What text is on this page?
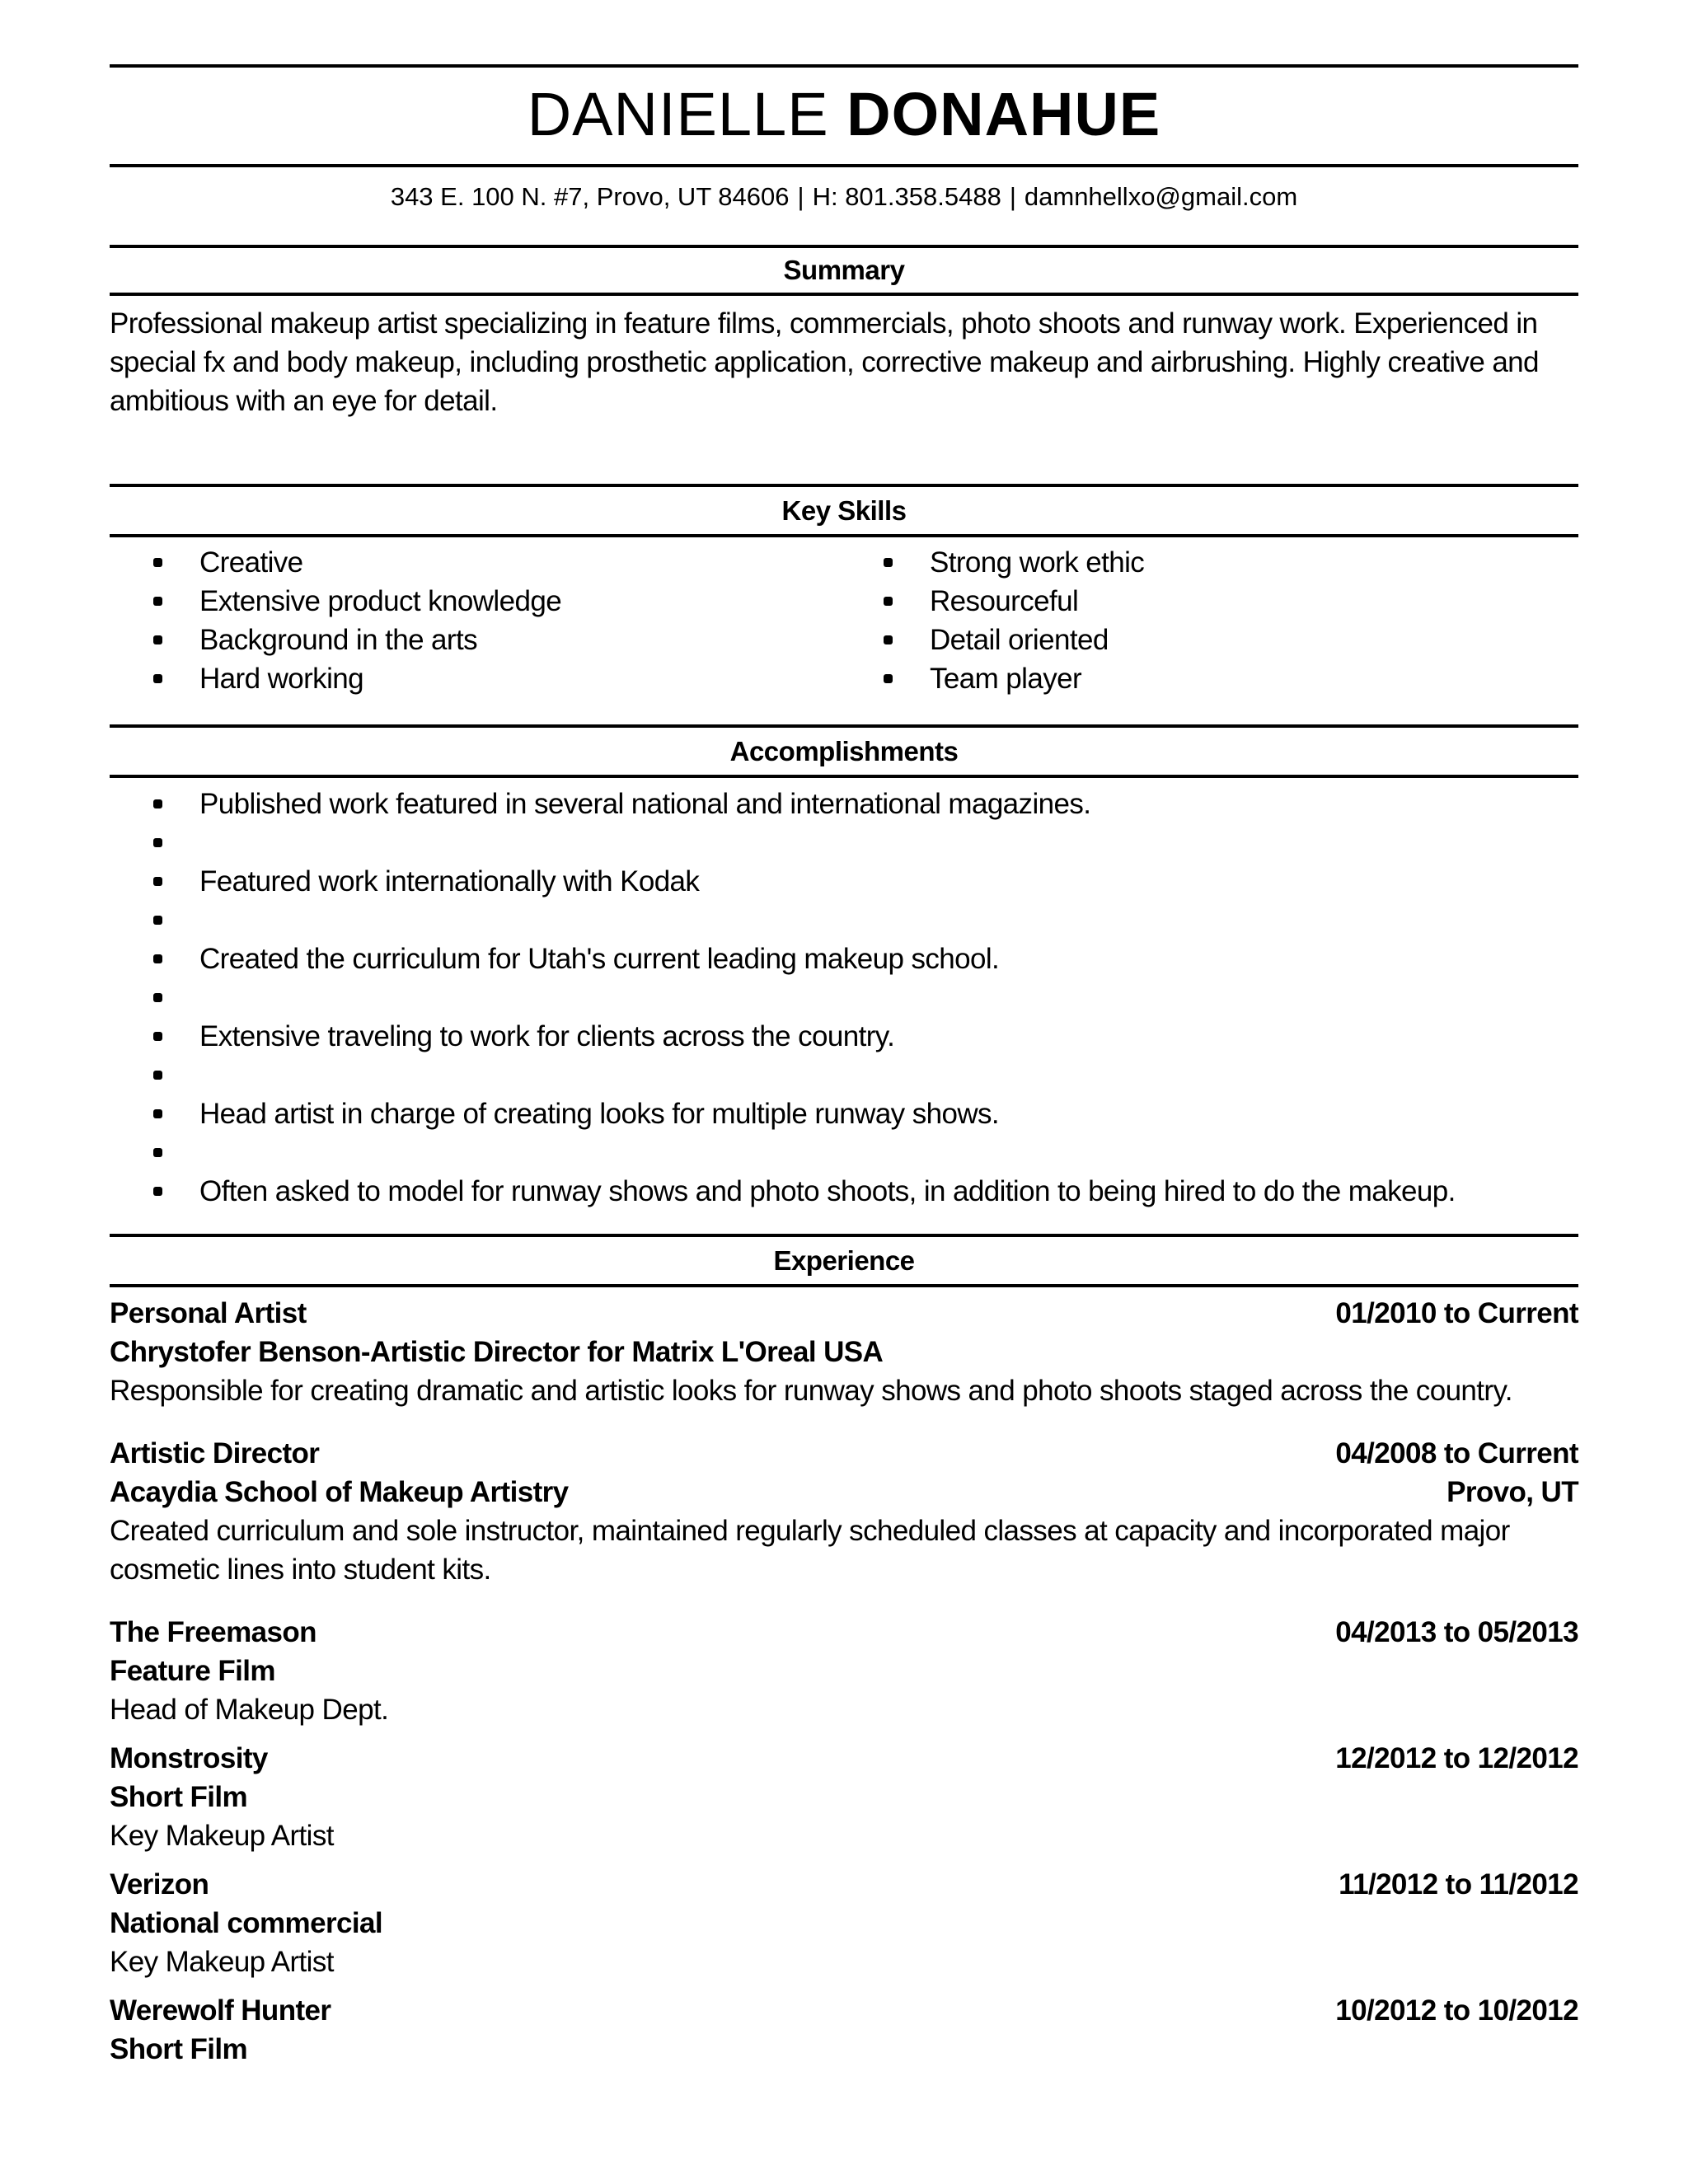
DANIELLE DONAHUE
343 E. 100 N. #7, Provo, UT 84606 | H: 801.358.5488 | damnhellxo@gmail.com
Summary
Professional makeup artist specializing in feature films, commercials, photo shoots and runway work. Experienced in special fx and body makeup, including prosthetic application, corrective makeup and airbrushing. Highly creative and ambitious with an eye for detail.
Key Skills
Creative
Extensive product knowledge
Background in the arts
Hard working
Strong work ethic
Resourceful
Detail oriented
Team player
Accomplishments
Published work featured in several national and international magazines.
Featured work internationally with Kodak
Created the curriculum for Utah's current leading makeup school.
Extensive traveling to work for clients across the country.
Head artist in charge of creating looks for multiple runway shows.
Often asked to model for runway shows and photo shoots, in addition to being hired to do the makeup.
Experience
Personal Artist	01/2010 to Current
Chrystofer Benson-Artistic Director for Matrix L'Oreal USA
Responsible for creating dramatic and artistic looks for runway shows and photo shoots staged across the country.
Artistic Director	04/2008 to Current
Acaydia School of Makeup Artistry	Provo, UT
Created curriculum and sole instructor, maintained regularly scheduled classes at capacity and incorporated major cosmetic lines into student kits.
The Freemason	04/2013 to 05/2013
Feature Film
Head of Makeup Dept.
Monstrosity	12/2012 to 12/2012
Short Film
Key Makeup Artist
Verizon	11/2012 to 11/2012
National commercial
Key Makeup Artist
Werewolf Hunter	10/2012 to 10/2012
Short Film
